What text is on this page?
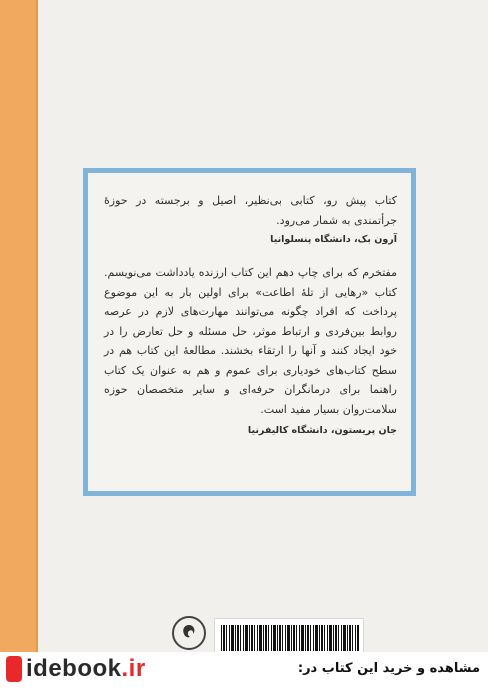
کتاب پیش رو، کتابی بی‌نظیر، اصیل و برجسته در حوزهٔ جرأتمندی به شمار می‌رود.
آرون بک، دانشگاه پنسلوانیا
مفتخرم که برای چاپ دهم این کتاب ارزنده یادداشت می‌نویسم. کتاب «رهایی از تلهٔ اطاعت» برای اولین بار به این موضوع پرداخت که افراد چگونه می‌توانند مهارت‌های لازم در عرصه روابط بین‌فردی و ارتباط موثر، حل مسئله و حل تعارض را در خود ایجاد کنند و آنها را ارتقاء بخشند. مطالعهٔ این کتاب هم در سطح کتاب‌های خودیاری برای عموم و هم به عنوان یک کتاب راهنما برای درمانگران حرفه‌ای و سایر متخصصان حوزه سلامت‌روان بسیار مفید است.
جان پریستون، دانشگاه کالیفرنیا
idebook.ir	مشاهده و خرید این کتاب در:
